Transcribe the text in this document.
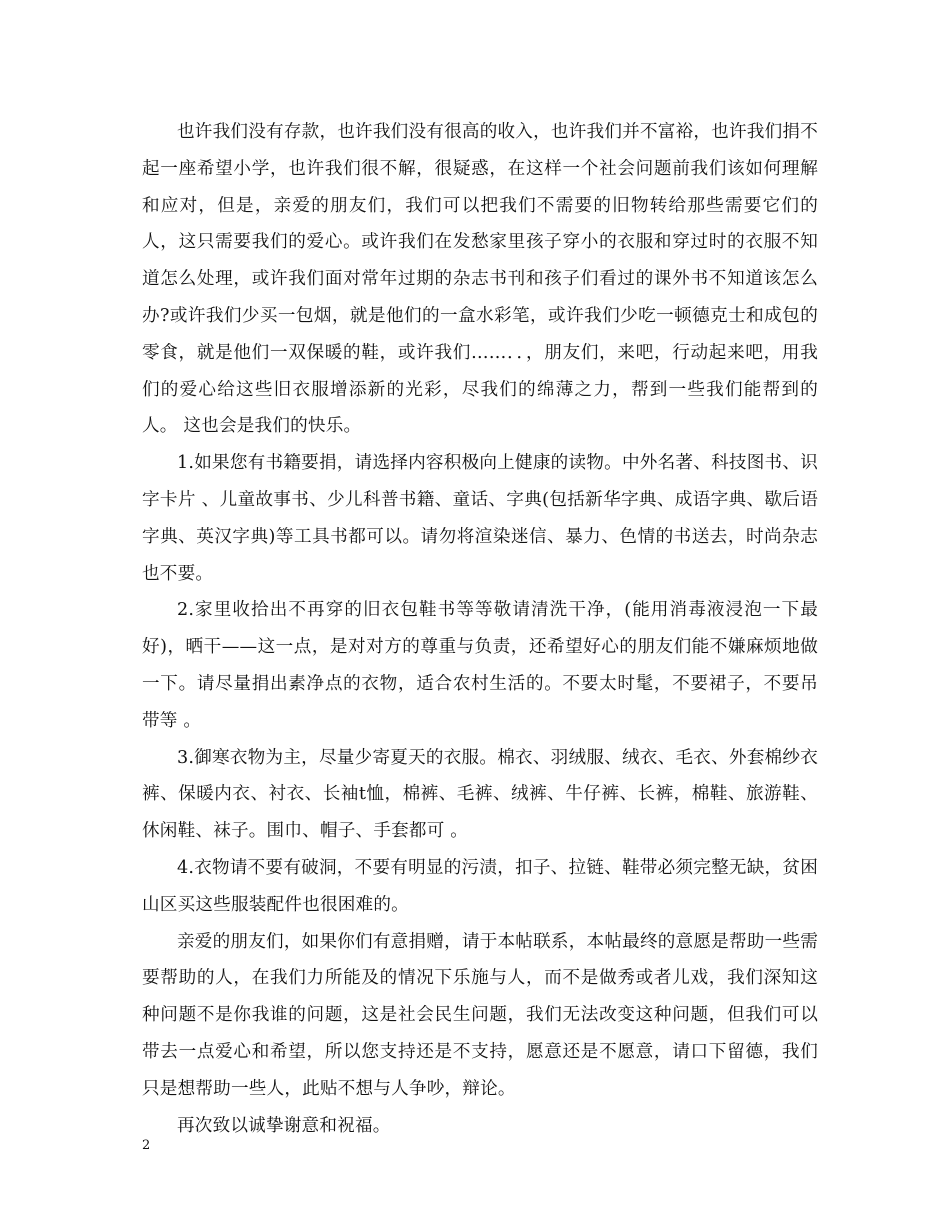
也许我们没有存款，也许我们没有很高的收入，也许我们并不富裕，也许我们捐不起一座希望小学，也许我们很不解，很疑惑，在这样一个社会问题前我们该如何理解和应对，但是，亲爱的朋友们，我们可以把我们不需要的旧物转给那些需要它们的人，这只需要我们的爱心。或许我们在发愁家里孩子穿小的衣服和穿过时的衣服不知道怎么处理，或许我们面对常年过期的杂志书刊和孩子们看过的课外书不知道该怎么办?或许我们少买一包烟，就是他们的一盒水彩笔，或许我们少吃一顿德克士和成包的零食，就是他们一双保暖的鞋，或许我们……．．，朋友们，来吧，行动起来吧，用我们的爱心给这些旧衣服增添新的光彩，尽我们的绵薄之力，帮到一些我们能帮到的人。 这也会是我们的快乐。

1.如果您有书籍要捐，请选择内容积极向上健康的读物。中外名著、科技图书、识字卡片 、儿童故事书、少儿科普书籍、童话、字典(包括新华字典、成语字典、歇后语字典、英汉字典)等工具书都可以。请勿将渲染迷信、暴力、色情的书送去，时尚杂志也不要。

2.家里收拾出不再穿的旧衣包鞋书等等敬请清洗干净，(能用消毒液浸泡一下最好)，晒干——这一点，是对对方的尊重与负责，还希望好心的朋友们能不嫌麻烦地做一下。请尽量捐出素净点的衣物，适合农村生活的。不要太时髦，不要裙子，不要吊带等 。

3.御寒衣物为主，尽量少寄夏天的衣服。棉衣、羽绒服、绒衣、毛衣、外套棉纱衣裤、保暖内衣、衬衣、长袖t恤，棉裤、毛裤、绒裤、牛仔裤、长裤，棉鞋、旅游鞋、休闲鞋、袜子。围巾、帽子、手套都可 。

4.衣物请不要有破洞，不要有明显的污渍，扣子、拉链、鞋带必须完整无缺，贫困山区买这些服装配件也很困难的。

亲爱的朋友们，如果你们有意捐赠，请于本帖联系，本帖最终的意愿是帮助一些需要帮助的人，在我们力所能及的情况下乐施与人，而不是做秀或者儿戏，我们深知这种问题不是你我谁的问题，这是社会民生问题，我们无法改变这种问题，但我们可以带去一点爱心和希望，所以您支持还是不支持，愿意还是不愿意，请口下留德，我们只是想帮助一些人，此贴不想与人争吵，辩论。

再次致以诚挚谢意和祝福。

2
